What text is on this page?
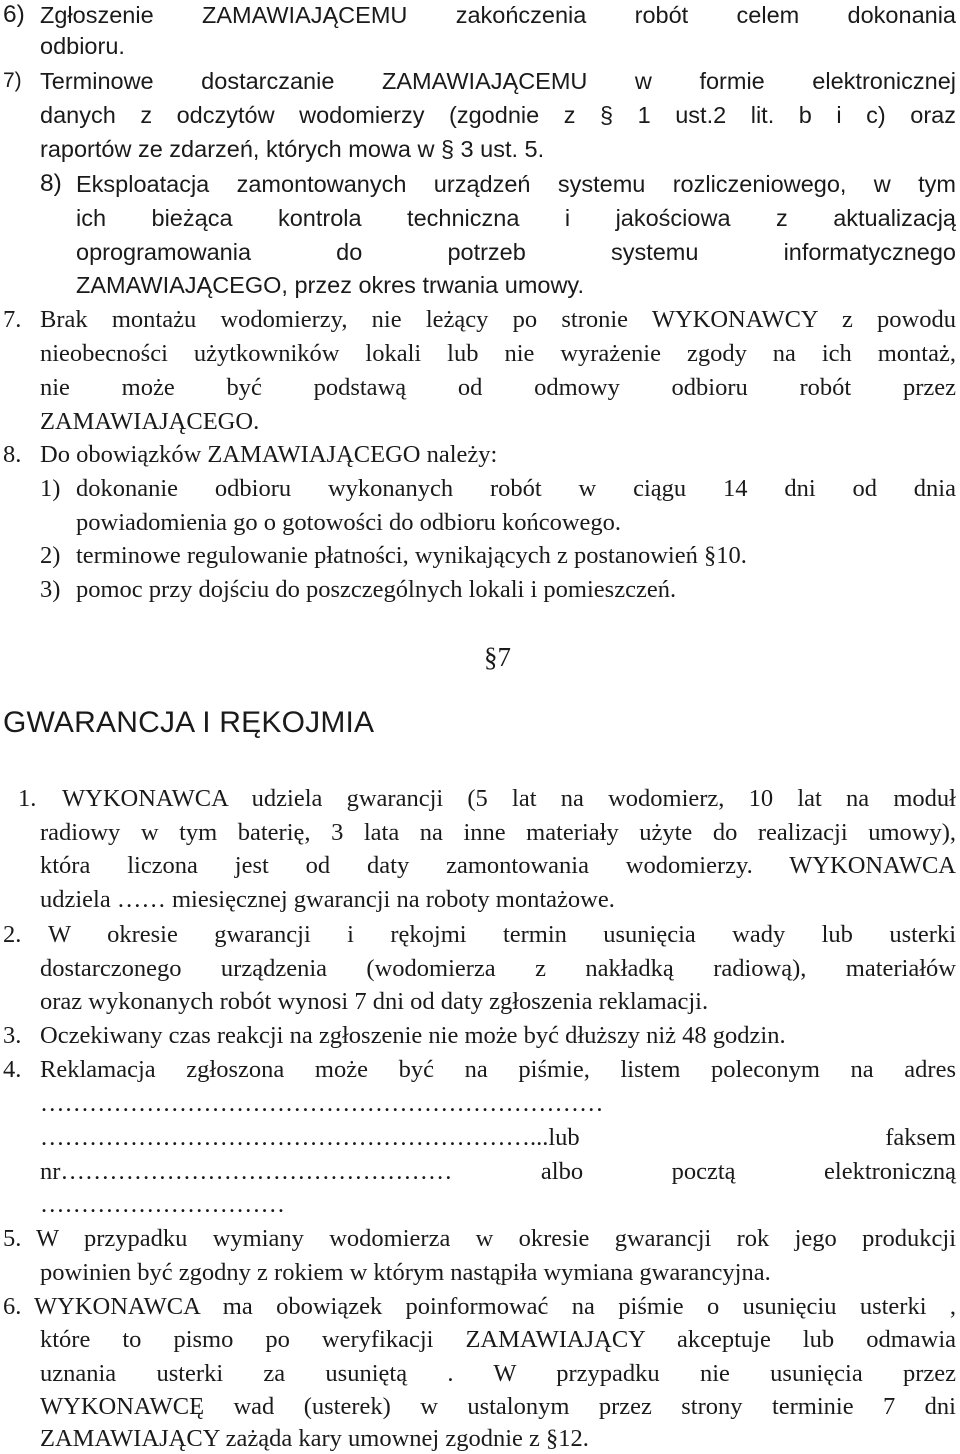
6) Zgłoszenie ZAMAWIAJĄCEMU zakończenia robót celem dokonania

odbioru.

7) Terminowe dostarczanie ZAMAWIAJĄCEMU w formie elektronicznej

danych z odczytów wodomierzy (zgodnie z § 1 ust.2 lit. b i c) oraz

raportów ze zdarzeń, których mowa w § 3 ust. 5.

8) Eksploatacja zamontowanych urządzeń systemu rozliczeniowego, w tym

ich bieżąca kontrola techniczna i jakościowa z aktualizacją

oprogramowania do potrzeb systemu informatycznego

ZAMAWIAJĄCEGO, przez okres trwania umowy.

7. Brak montażu wodomierzy, nie leżący po stronie WYKONAWCY z powodu

nieobecności użytkowników lokali lub nie wyrażenie zgody na ich montaż,

nie może być podstawą od odmowy odbioru robót przez

ZAMAWIAJĄCEGO.

8. Do obowiązków ZAMAWIAJĄCEGO należy:

1) dokonanie odbioru wykonanych robót w ciągu 14 dni od dnia

powiadomienia go o gotowości do odbioru końcowego.

2) terminowe regulowanie płatności, wynikających z postanowień §10.

3) pomoc przy dojściu do poszczególnych lokali i pomieszczeń.

§7
GWARANCJA I RĘKOJMIA
1. WYKONAWCA udziela gwarancji (5 lat na wodomierz, 10 lat na moduł

radiowy w tym baterię, 3 lata na inne materiały użyte do realizacji umowy),

która liczona jest od daty zamontowania wodomierzy. WYKONAWCA

udziela …… miesięcznej gwarancji na roboty montażowe.

2. W okresie gwarancji i rękojmi termin usunięcia wady lub usterki

dostarczonego urządzenia (wodomierza z nakładką radiową), materiałów

oraz wykonanych robót wynosi 7 dni od daty zgłoszenia reklamacji.

3. Oczekiwany czas reakcji na zgłoszenie nie może być dłuższy niż 48 godzin.

4. Reklamacja zgłoszona może być na piśmie, listem poleconym na adres

……………………………………………………………

……………………………………………………...lub faksem

nr………………………………………… albo pocztą elektroniczną

…………………………

5. W przypadku wymiany wodomierza w okresie gwarancji rok jego produkcji

powinien być zgodny z rokiem w którym nastąpiła wymiana gwarancyjna.

6. WYKONAWCA ma obowiązek poinformować na piśmie o usunięciu usterki ,

które to pismo po weryfikacji ZAMAWIAJĄCY akceptuje lub odmawia

uznania usterki za usuniętą . W przypadku nie usunięcia przez

WYKONAWCĘ wad (usterek) w ustalonym przez strony terminie 7 dni

ZAMAWIAJĄCY zażąda kary umownej zgodnie z §12.
